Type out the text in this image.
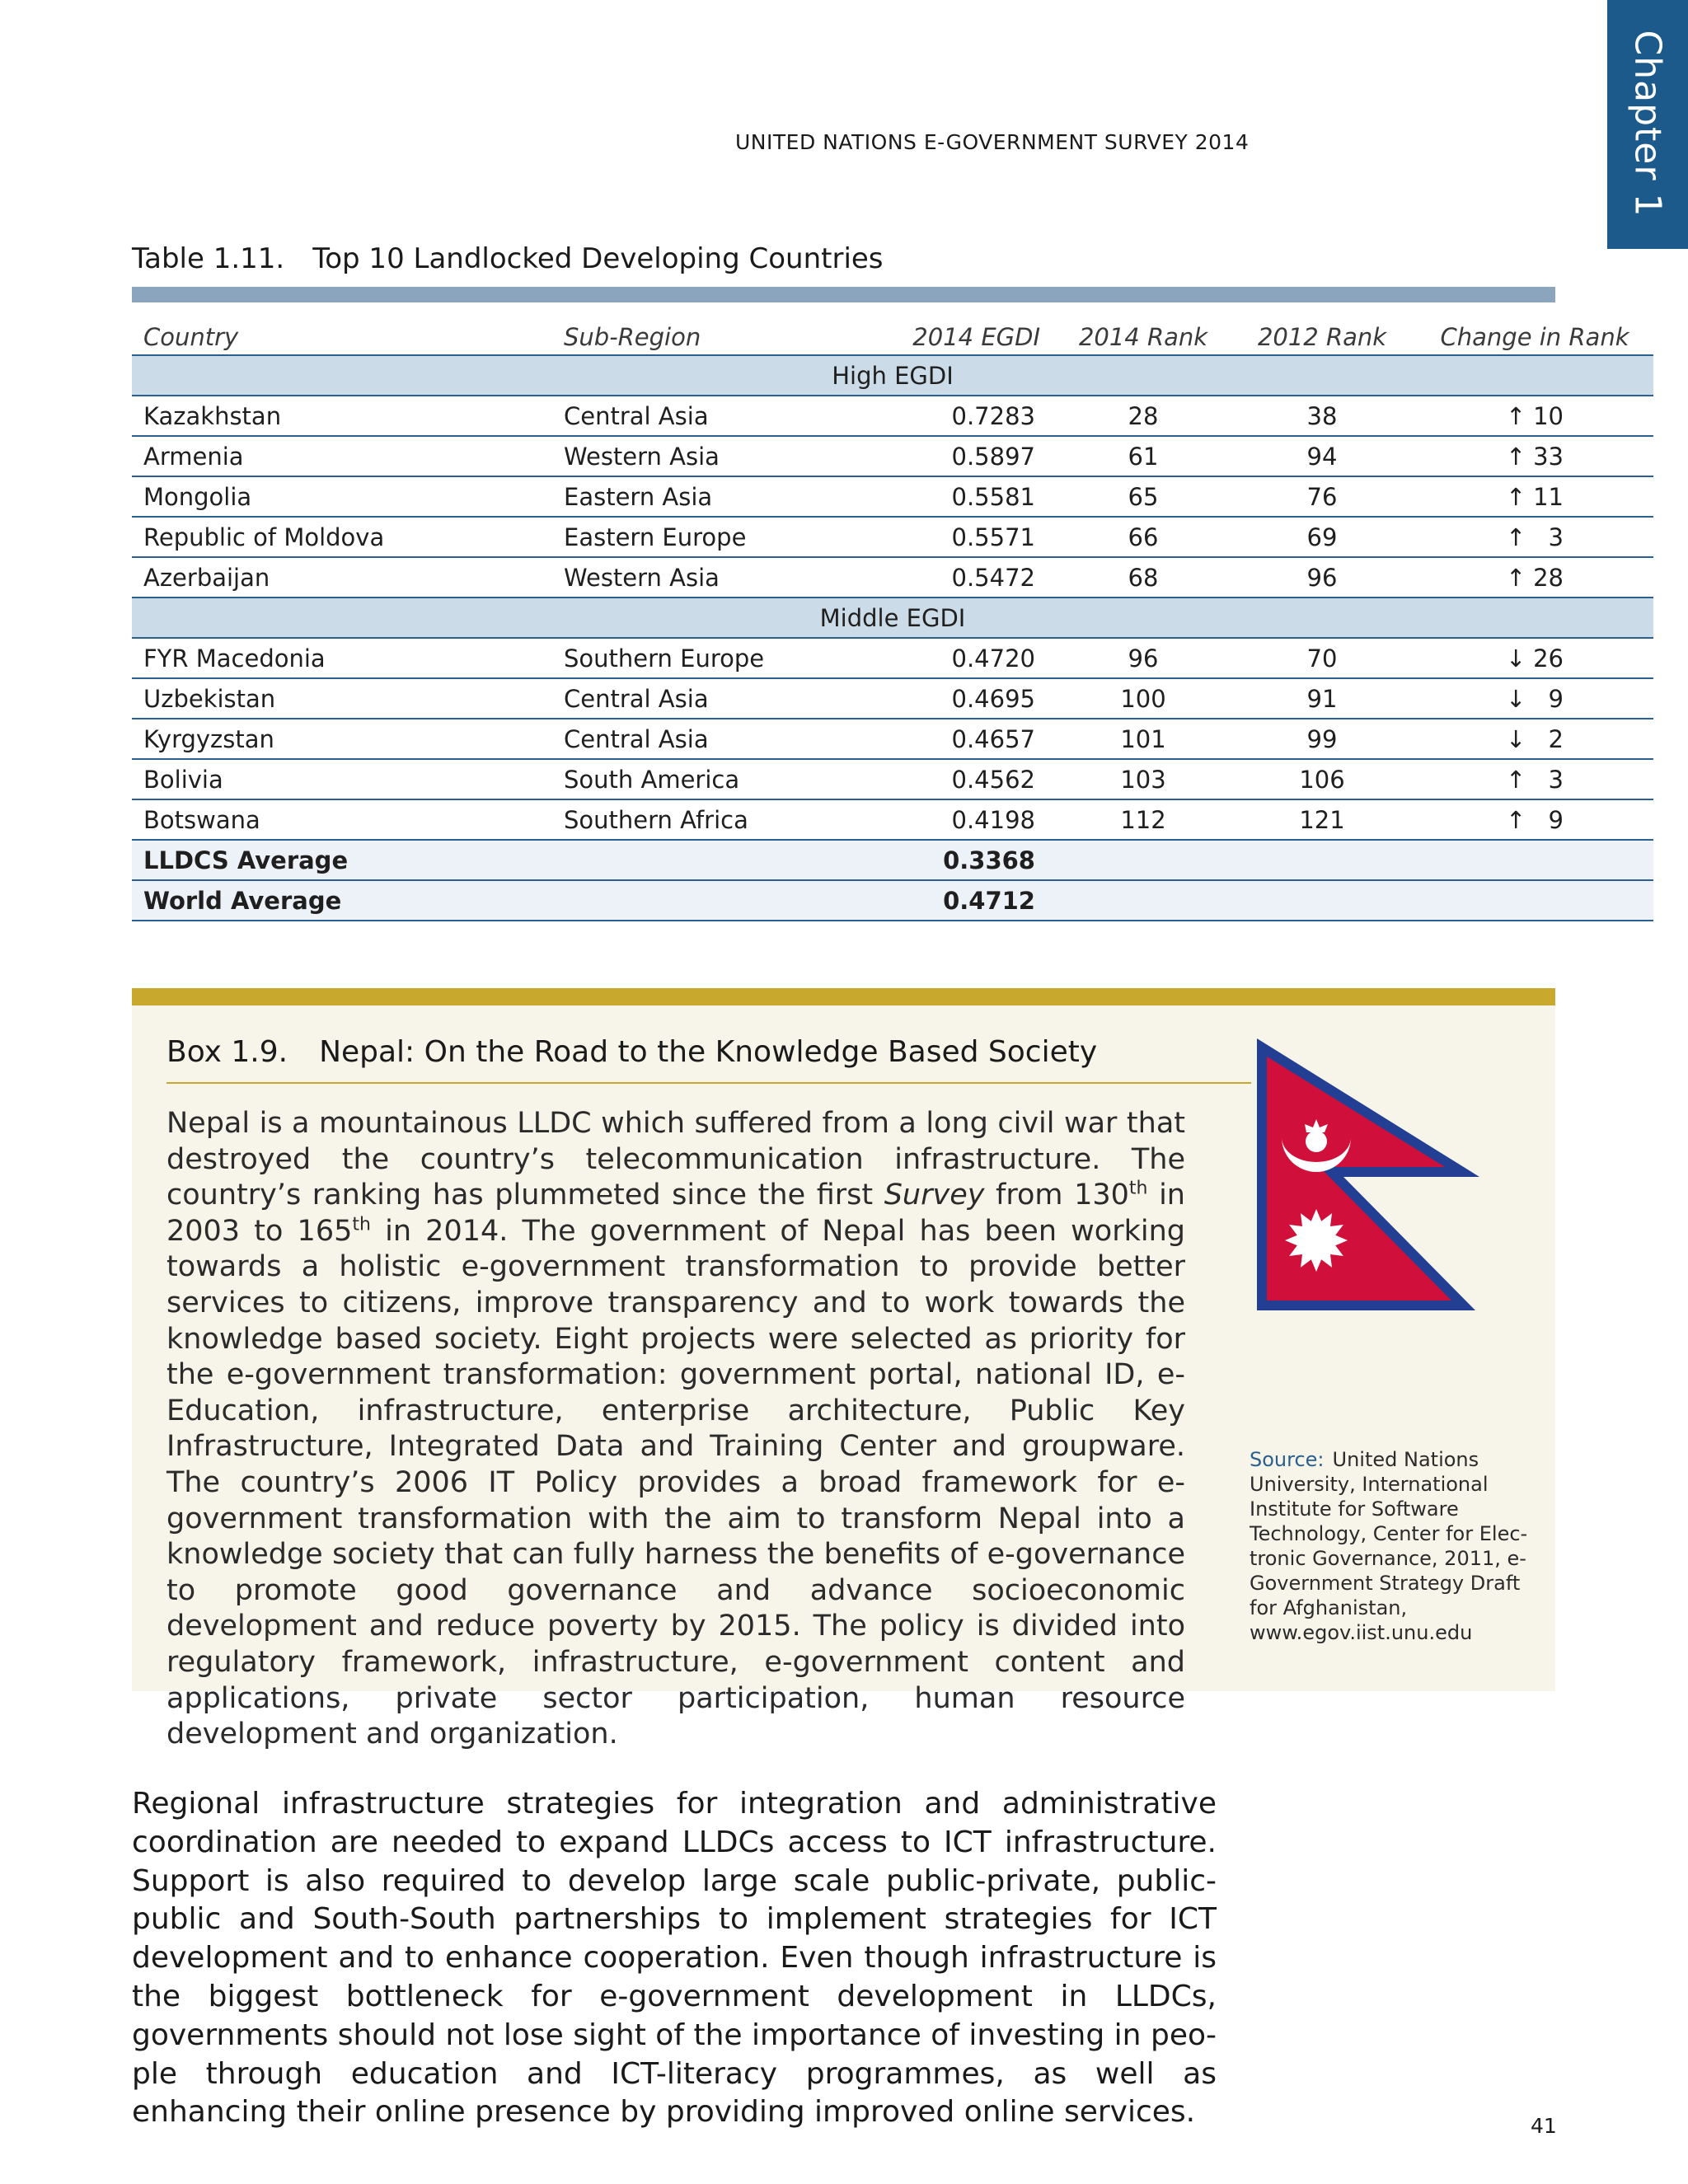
Chapter 1
UNITED NATIONS E-GOVERNMENT SURVEY 2014
Table 1.11. Top 10 Landlocked Developing Countries
Country	Sub-Region	2014 EGDI	2014 Rank	2012 Rank	Change in Rank
High EGDI					
Kazakhstan	Central Asia	0.7283	28	38	↑ 10
Armenia	Western Asia	0.5897	61	94	↑ 33
Mongolia	Eastern Asia	0.5581	65	76	↑ 11
Republic of Moldova	Eastern Europe	0.5571	66	69	↑ 3
Azerbaijan	Western Asia	0.5472	68	96	↑ 28
Middle EGDI					
FYR Macedonia	Southern Europe	0.4720	96	70	↓ 26
Uzbekistan	Central Asia	0.4695	100	91	↓ 9
Kyrgyzstan	Central Asia	0.4657	101	99	↓ 2
Bolivia	South America	0.4562	103	106	↑ 3
Botswana	Southern Africa	0.4198	112	121	↑ 9
LLDCS Average		0.3368			
World Average		0.4712			
Box 1.9. Nepal: On the Road to the Knowledge Based Society
Nepal is a mountainous LLDC which suffered from a long civil war that destroyed the country’s telecommunication infrastructure. The country’s ranking has plummeted since the first Survey from 130th in 2003 to 165th in 2014. The government of Nepal has been working towards a holistic e-government transformation to provide better services to citizens, improve transparency and to work towards the knowledge based society. Eight projects were selected as priority for the e-government transformation: government portal, national ID, e-Education, infrastructure, enterprise architecture, Public Key Infrastructure, Integrated Data and Training Center and groupware. The country’s 2006 IT Policy provides a broad framework for e-government transformation with the aim to transform Nepal into a knowledge society that can fully harness the benefits of e-governance to promote good governance and advance socioeconomic development and reduce poverty by 2015. The policy is divided into regulatory framework, infrastructure, e-government content and applications, private sector participation, human resource development and organization.
Source: United Nations University, International Institute for Software Technology, Center for Electronic Governance, 2011, e-Government Strategy Draft for Afghanistan, www.egov.iist.unu.edu
Regional infrastructure strategies for integration and administrative coordination are needed to expand LLDCs access to ICT infrastructure. Support is also required to develop large scale public-private, public-public and South-South partnerships to implement strategies for ICT development and to enhance cooperation. Even though infrastructure is the biggest bottleneck for e-government development in LLDCs, governments should not lose sight of the importance of investing in people through education and ICT-literacy programmes, as well as enhancing their online presence by providing improved online services.	41
